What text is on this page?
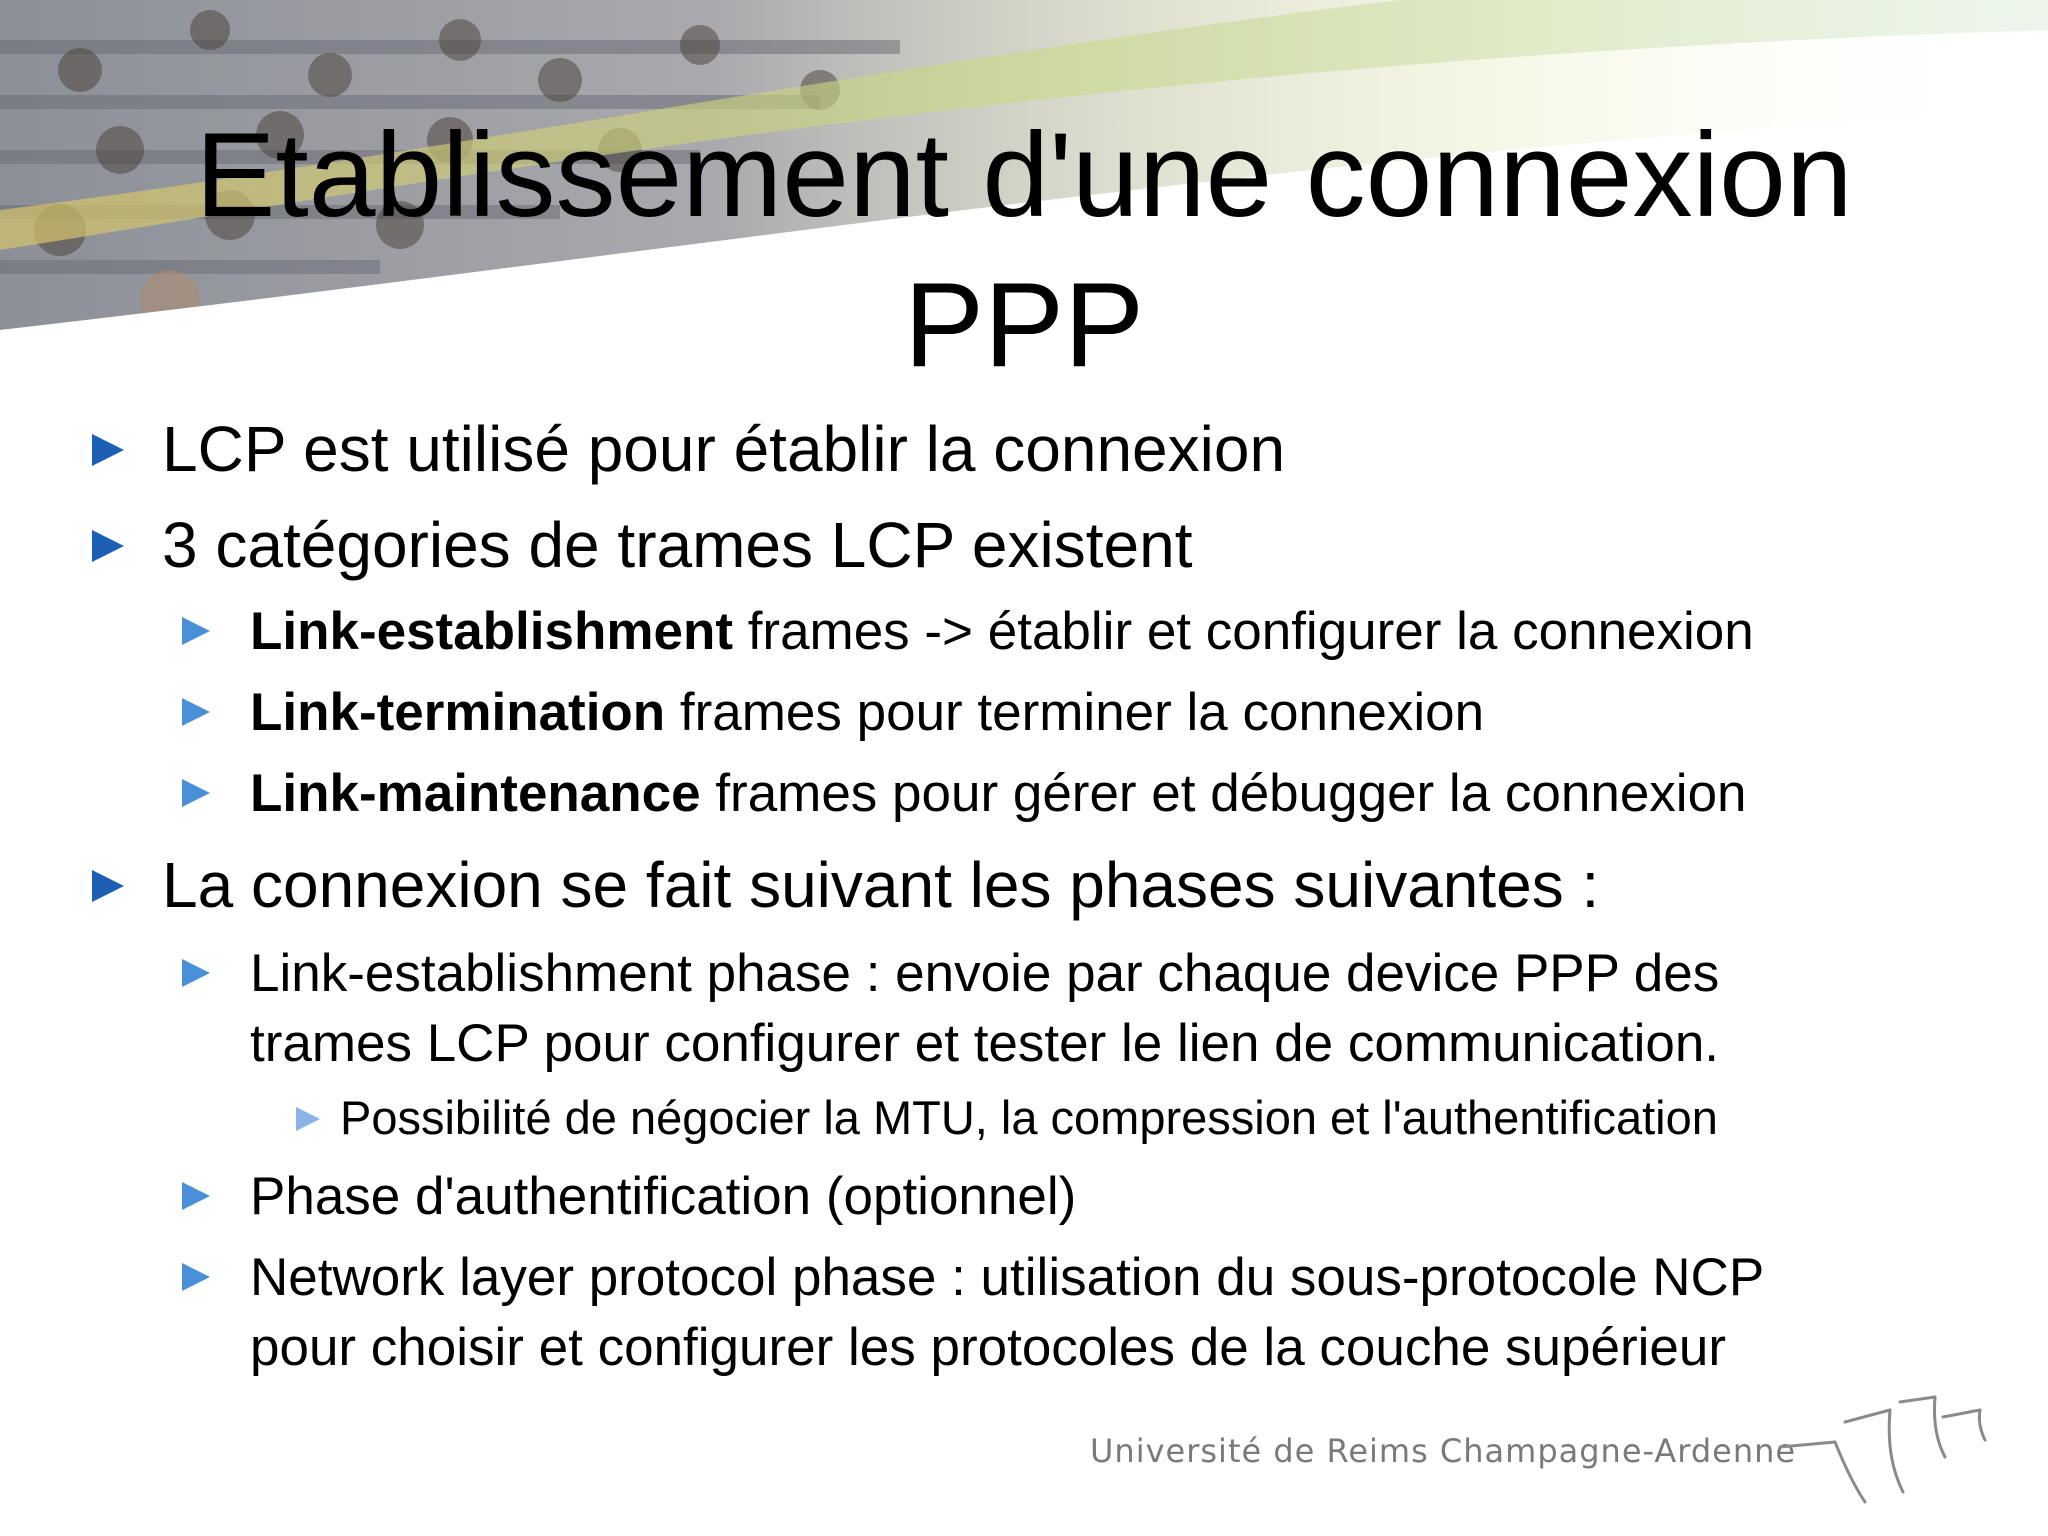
Etablissement d'une connexion
PPP
LCP est utilisé pour établir la connexion
3 catégories de trames LCP existent
Link-establishment frames -> établir et configurer la connexion
Link-termination frames pour terminer la connexion
Link-maintenance frames pour gérer et débugger la connexion
La connexion se fait suivant les phases suivantes :
Link-establishment phase : envoie par chaque device PPP des
trames LCP pour configurer et tester le lien de communication.
Possibilité de négocier la MTU, la compression et l'authentification
Phase d'authentification (optionnel)
Network layer protocol phase : utilisation du sous-protocole NCP
pour choisir et configurer les protocoles de la couche supérieur
Université de Reims Champagne-Ardenne
